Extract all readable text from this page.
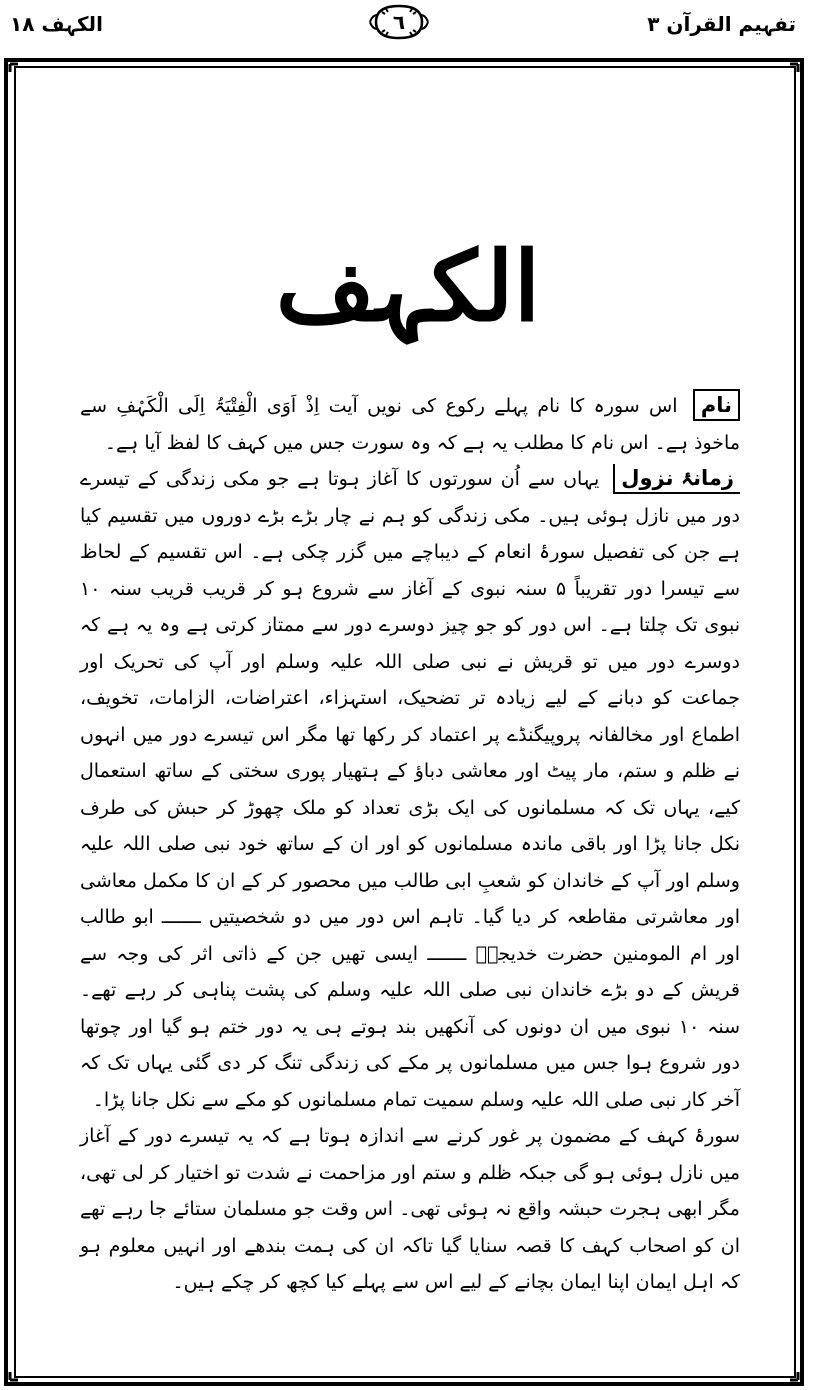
الکہف ۱۸	٦	تفہیم القرآن ۳
الکہف

نام اس سورہ کا نام پہلے رکوع کی نویں آیت اِذْ اَوَی الْفِتْیَۃُ اِلَی الْکَہْفِ سے ماخوذ ہے۔ اس نام کا مطلب یہ ہے کہ وہ سورت جس میں کہف کا لفظ آیا ہے۔

زمانۂ نزول یہاں سے اُن سورتوں کا آغاز ہوتا ہے جو مکی زندگی کے تیسرے دور میں نازل ہوئی ہیں۔ مکی زندگی کو ہم نے چار بڑے بڑے دوروں میں تقسیم کیا ہے جن کی تفصیل سورۂ انعام کے دیباچے میں گزر چکی ہے۔ اس تقسیم کے لحاظ سے تیسرا دور تقریباً ۵ سنہ نبوی کے آغاز سے شروع ہو کر قریب قریب سنہ ۱۰ نبوی تک چلتا ہے۔ اس دور کو جو چیز دوسرے دور سے ممتاز کرتی ہے وہ یہ ہے کہ دوسرے دور میں تو قریش نے نبی صلی اللہ علیہ وسلم اور آپ کی تحریک اور جماعت کو دبانے کے لیے زیادہ تر تضحیک، استہزاء، اعتراضات، الزامات، تخویف، اطماع اور مخالفانہ پروپیگنڈے پر اعتماد کر رکھا تھا مگر اس تیسرے دور میں انہوں نے ظلم و ستم، مار پیٹ اور معاشی دباؤ کے ہتھیار پوری سختی کے ساتھ استعمال کیے، یہاں تک کہ مسلمانوں کی ایک بڑی تعداد کو ملک چھوڑ کر حبش کی طرف نکل جانا پڑا اور باقی ماندہ مسلمانوں کو اور ان کے ساتھ خود نبی صلی اللہ علیہ وسلم اور آپ کے خاندان کو شعبِ ابی طالب میں محصور کر کے ان کا مکمل معاشی اور معاشرتی مقاطعہ کر دیا گیا۔ تاہم اس دور میں دو شخصیتیں ـــــــ ابو طالب اور ام المومنین حضرت خدیجہؓ ـــــــ ایسی تھیں جن کے ذاتی اثر کی وجہ سے قریش کے دو بڑے خاندان نبی صلی اللہ علیہ وسلم کی پشت پناہی کر رہے تھے۔ سنہ ۱۰ نبوی میں ان دونوں کی آنکھیں بند ہوتے ہی یہ دور ختم ہو گیا اور چوتھا دور شروع ہوا جس میں مسلمانوں پر مکے کی زندگی تنگ کر دی گئی یہاں تک کہ آخر کار نبی صلی اللہ علیہ وسلم سمیت تمام مسلمانوں کو مکے سے نکل جانا پڑا۔

سورۂ کہف کے مضمون پر غور کرنے سے اندازہ ہوتا ہے کہ یہ تیسرے دور کے آغاز میں نازل ہوئی ہو گی جبکہ ظلم و ستم اور مزاحمت نے شدت تو اختیار کر لی تھی، مگر ابھی ہجرت حبشہ واقع نہ ہوئی تھی۔ اس وقت جو مسلمان ستائے جا رہے تھے ان کو اصحاب کہف کا قصہ سنایا گیا تاکہ ان کی ہمت بندھے اور انہیں معلوم ہو کہ اہل ایمان اپنا ایمان بچانے کے لیے اس سے پہلے کیا کچھ کر چکے ہیں۔
